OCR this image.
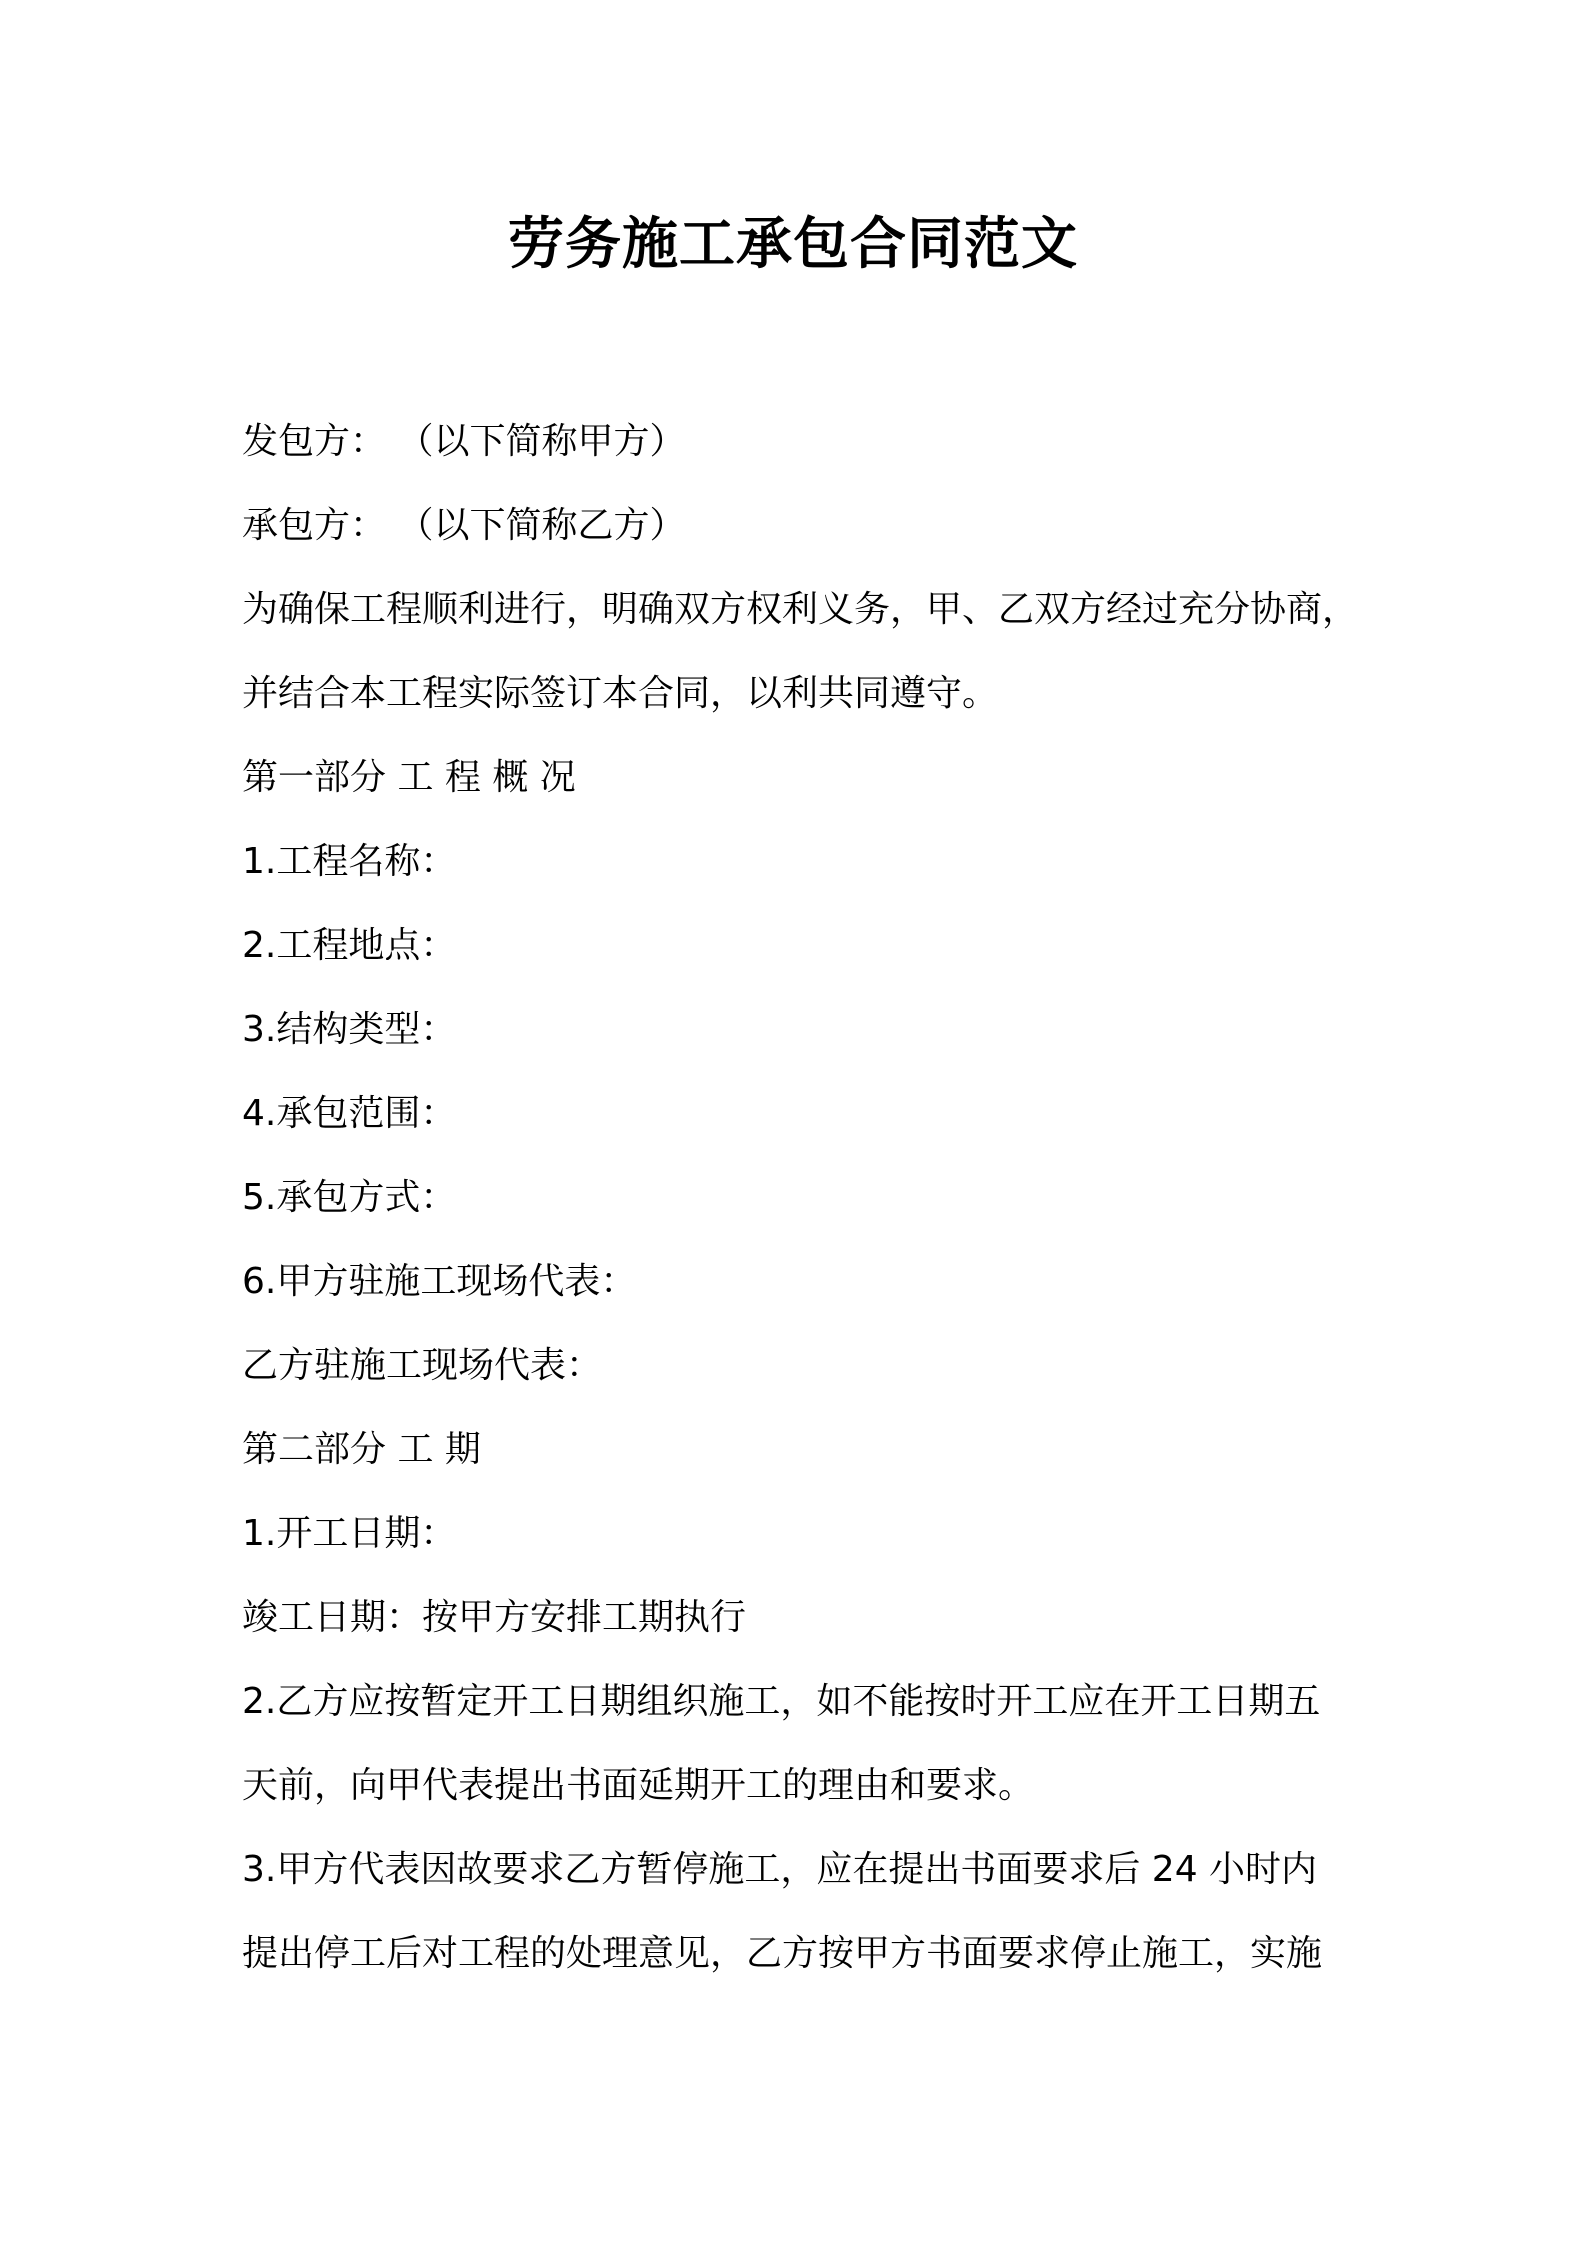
劳务施工承包合同范文
发包方： （以下简称甲方）
承包方： （以下简称乙方）
为确保工程顺利进行，明确双方权利义务，甲、乙双方经过充分协商，
并结合本工程实际签订本合同，以利共同遵守。
第一部分 工 程 概 况
1.工程名称：
2.工程地点：
3.结构类型：
4.承包范围：
5.承包方式：
6.甲方驻施工现场代表：
乙方驻施工现场代表：
第二部分 工 期
1.开工日期：
竣工日期：按甲方安排工期执行
2.乙方应按暂定开工日期组织施工，如不能按时开工应在开工日期五
天前，向甲代表提出书面延期开工的理由和要求。
3.甲方代表因故要求乙方暂停施工，应在提出书面要求后 24 小时内
提出停工后对工程的处理意见，乙方按甲方书面要求停止施工，实施
